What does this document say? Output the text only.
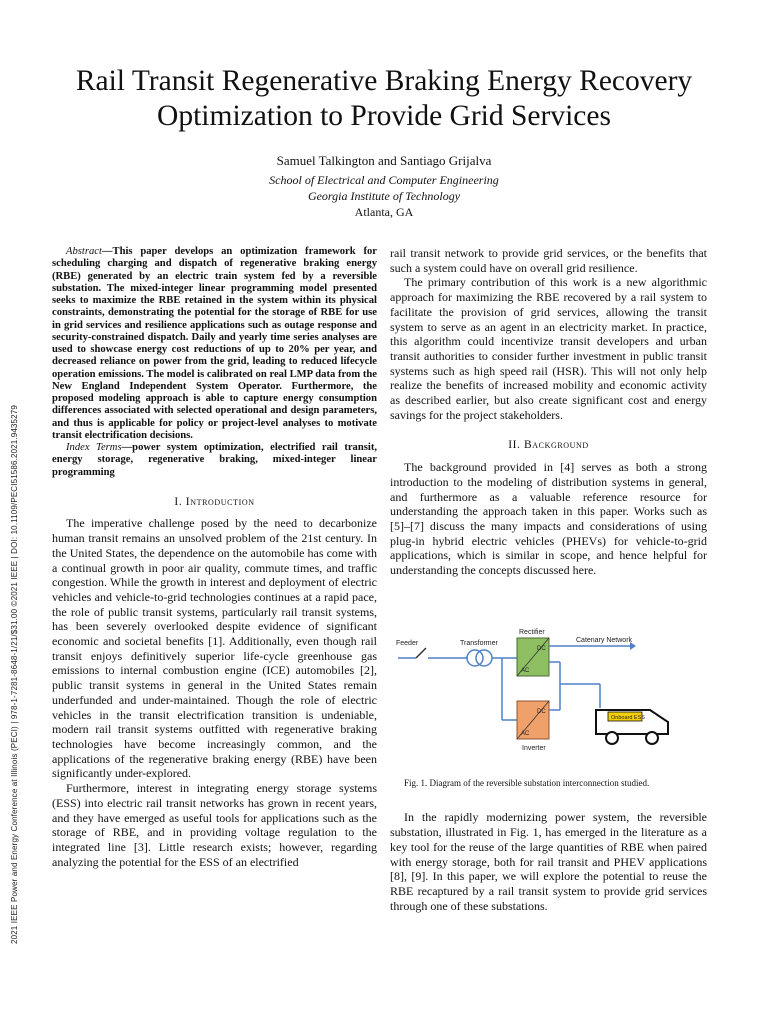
2021 IEEE Power and Energy Conference at Illinois (PECI) | 978-1-7281-8648-1/21/$31.00 ©2021 IEEE | DOI: 10.1109/PECI51586.2021.9435279
Rail Transit Regenerative Braking Energy Recovery Optimization to Provide Grid Services
Samuel Talkington and Santiago Grijalva
School of Electrical and Computer Engineering
Georgia Institute of Technology
Atlanta, GA

Abstract—This paper develops an optimization framework for scheduling charging and dispatch of regenerative braking energy (RBE) generated by an electric train system fed by a reversible substation. The mixed-integer linear programming model presented seeks to maximize the RBE retained in the system within its physical constraints, demonstrating the potential for the storage of RBE for use in grid services and resilience applications such as outage response and security-constrained dispatch. Daily and yearly time series analyses are used to showcase energy cost reductions of up to 20% per year, and decreased reliance on power from the grid, leading to reduced lifecycle operation emissions. The model is calibrated on real LMP data from the New England Independent System Operator. Furthermore, the proposed modeling approach is able to capture energy consumption differences associated with selected operational and design parameters, and thus is applicable for policy or project-level analyses to motivate transit electrification decisions.

Index Terms—power system optimization, electrified rail transit, energy storage, regenerative braking, mixed-integer linear programming

I. Introduction

The imperative challenge posed by the need to decarbonize human transit remains an unsolved problem of the 21st century. In the United States, the dependence on the automobile has come with a continual growth in poor air quality, commute times, and traffic congestion. While the growth in interest and deployment of electric vehicles and vehicle-to-grid technologies continues at a rapid pace, the role of public transit systems, particularly rail transit systems, has been severely overlooked despite evidence of significant economic and societal benefits [1]. Additionally, even though rail transit enjoys definitively superior life-cycle greenhouse gas emissions to internal combustion engine (ICE) automobiles [2], public transit systems in general in the United States remain underfunded and under-maintained. Though the role of electric vehicles in the transit electrification transition is undeniable, modern rail transit systems outfitted with regenerative braking technologies have become increasingly common, and the applications of the regenerative braking energy (RBE) have been significantly under-explored.

Furthermore, interest in integrating energy storage systems (ESS) into electric rail transit networks has grown in recent years, and they have emerged as useful tools for applications such as the storage of RBE, and in providing voltage regulation to the integrated line [3]. Little research exists; however, regarding analyzing the potential for the ESS of an electrified

rail transit network to provide grid services, or the benefits that such a system could have on overall grid resilience.

The primary contribution of this work is a new algorithmic approach for maximizing the RBE recovered by a rail system to facilitate the provision of grid services, allowing the transit system to serve as an agent in an electricity market. In practice, this algorithm could incentivize transit developers and urban transit authorities to consider further investment in public transit systems such as high speed rail (HSR). This will not only help realize the benefits of increased mobility and economic activity as described earlier, but also create significant cost and energy savings for the project stakeholders.

II. Background

The background provided in [4] serves as both a strong introduction to the modeling of distribution systems in general, and furthermore as a valuable reference resource for understanding the approach taken in this paper. Works such as [5]–[7] discuss the many impacts and considerations of using plug-in hybrid electric vehicles (PHEVs) for vehicle-to-grid applications, which is similar in scope, and hence helpful for understanding the concepts discussed here.

Feeder	Transformer
Rectifier
Catenary Network
DC
AC
DC
AC
Inverter
Onboard ESS
Fig. 1. Diagram of the reversible substation interconnection studied.

In the rapidly modernizing power system, the reversible substation, illustrated in Fig. 1, has emerged in the literature as a key tool for the reuse of the large quantities of RBE when paired with energy storage, both for rail transit and PHEV applications [8], [9]. In this paper, we will explore the potential to reuse the RBE recaptured by a rail transit system to provide grid services through one of these substations.
